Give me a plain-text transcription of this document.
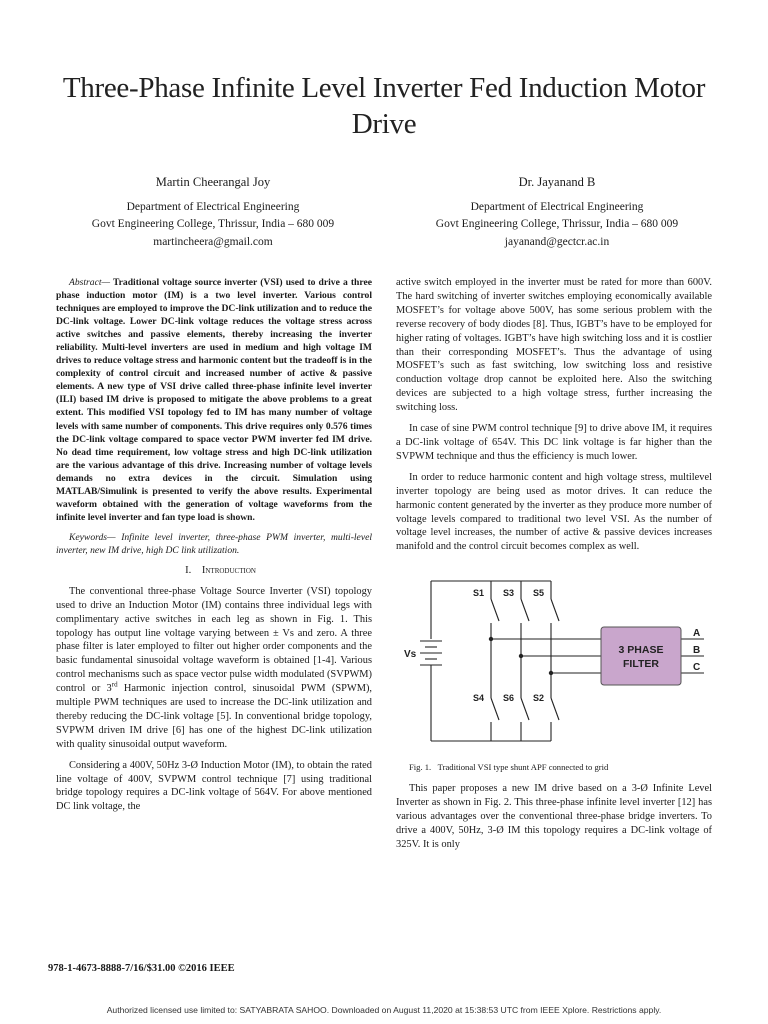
Three-Phase Infinite Level Inverter Fed Induction Motor Drive
Martin Cheerangal Joy
Department of Electrical Engineering
Govt Engineering College, Thrissur, India – 680 009
martincheera@gmail.com
Dr. Jayanand B
Department of Electrical Engineering
Govt Engineering College, Thrissur, India – 680 009
jayanand@gectcr.ac.in

Abstract— Traditional voltage source inverter (VSI) used to drive a three phase induction motor (IM) is a two level inverter. Various control techniques are employed to improve the DC-link utilization and to reduce the DC-link voltage. Lower DC-link voltage reduces the voltage stress across active switches and passive elements, thereby increasing the inverter reliability. Multi-level inverters are used in medium and high voltage IM drives to reduce voltage stress and harmonic content but the tradeoff is in the complexity of control circuit and increased number of active & passive elements. A new type of VSI drive called three-phase infinite level inverter (ILI) based IM drive is proposed to mitigate the above problems to a great extent. This modified VSI topology fed to IM has many number of voltage levels with same number of components. This drive requires only 0.576 times the DC-link voltage compared to space vector PWM inverter fed IM drive. No dead time requirement, low voltage stress and high DC-link utilization are the various advantage of this drive. Increasing number of voltage levels demands no extra devices in the circuit. Simulation using MATLAB/Simulink is presented to verify the above results. Experimental waveform obtained with the generation of voltage waveforms from the infinite level inverter and fan type load is shown.

Keywords— Infinite level inverter, three-phase PWM inverter, multi-level inverter, new IM drive, high DC link utilization.

I. Introduction

The conventional three-phase Voltage Source Inverter (VSI) topology used to drive an Induction Motor (IM) contains three individual legs with complimentary active switches in each leg as shown in Fig. 1. This topology has output line voltage varying between ± Vs and zero. A three phase filter is later employed to filter out higher order components and the basic fundamental sinusoidal voltage waveform is obtained [1-4]. Various control mechanisms such as space vector pulse width modulated (SVPWM) control or 3rd Harmonic injection control, sinusoidal PWM (SPWM), multiple PWM techniques are used to increase the DC-link utilization and thereby reducing the DC-link voltage [5]. In conventional bridge topology, SVPWM driven IM drive [6] has one of the highest DC-link utilization with quality sinusoidal output waveform.

Considering a 400V, 50Hz 3-Ø Induction Motor (IM), to obtain the rated line voltage of 400V, SVPWM control technique [7] using traditional bridge topology requires a DC-link voltage of 564V. For above mentioned DC link voltage, the

active switch employed in the inverter must be rated for more than 600V. The hard switching of inverter switches employing economically available MOSFET’s for voltage above 500V, has some serious problem with the reverse recovery of body diodes [8]. Thus, IGBT’s have to be employed for higher rating of voltages. IGBT’s have high switching loss and it is costlier than their corresponding MOSFET’s. Thus the advantage of using MOSFET’s such as fast switching, low switching loss and resistive conduction voltage drop cannot be exploited here. Also the switching devices are subjected to a high voltage stress, further increasing the switching loss.

In case of sine PWM control technique [9] to drive above IM, it requires a DC-link voltage of 654V. This DC link voltage is far higher than the SVPWM technique and thus the efficiency is much lower.

In order to reduce harmonic content and high voltage stress, multilevel inverter topology are being used as motor drives. It can reduce the harmonic content generated by the inverter as they produce more number of voltage levels compared to traditional two level VSI. As the number of voltage level increases, the number of active & passive devices increases manifold and the control circuit becomes complex as well.

3 PHASE
FILTER
Vs
S1 S3 S5
S4 S6 S2
A
B
C

Fig. 1. Traditional VSI type shunt APF connected to grid

This paper proposes a new IM drive based on a 3-Ø Infinite Level Inverter as shown in Fig. 2. This three-phase infinite level inverter [12] has various advantages over the conventional three-phase bridge inverters. To drive a 400V, 50Hz, 3-Ø IM this topology requires a DC-link voltage of 325V. It is only

978-1-4673-8888-7/16/$31.00 ©2016 IEEE
Authorized licensed use limited to: SATYABRATA SAHOO. Downloaded on August 11,2020 at 15:38:53 UTC from IEEE Xplore. Restrictions apply.
